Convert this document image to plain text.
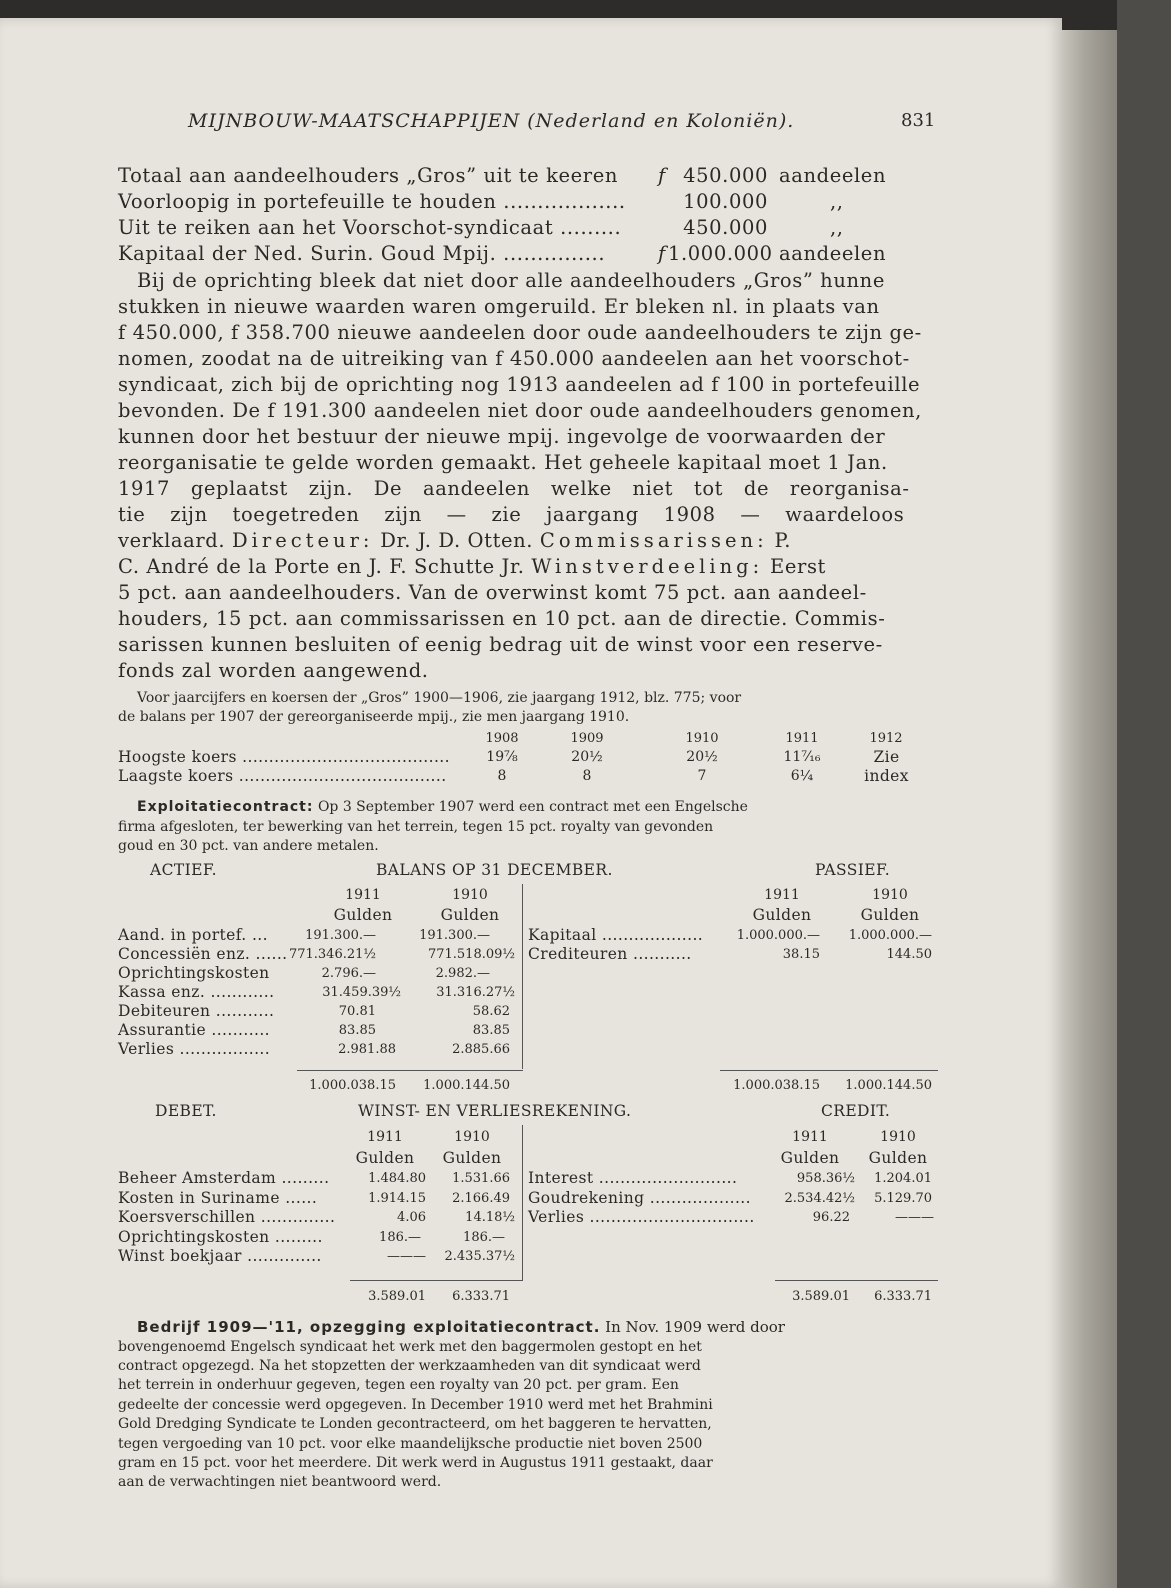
MIJNBOUW-MAATSCHAPPIJEN (Nederland en Koloniën).	831
Totaal aan aandeelhouders „Gros” uit te keeren f 450.000 aandeelen
Voorloopig in portefeuille te houden ..................	100.000	,,
Uit te reiken aan het Voorschot-syndicaat .........	450.000	,,
Kapitaal der Ned. Surin. Goud Mpij. ...............	f 1.000.000 aandeelen
Bij de oprichting bleek dat niet door alle aandeelhouders „Gros” hunne
stukken in nieuwe waarden waren omgeruild. Er bleken nl. in plaats van
f 450.000, f 358.700 nieuwe aandeelen door oude aandeelhouders te zijn ge-
nomen, zoodat na de uitreiking van f 450.000 aandeelen aan het voorschot-
syndicaat, zich bij de oprichting nog 1913 aandeelen ad f 100 in portefeuille
bevonden. De f 191.300 aandeelen niet door oude aandeelhouders genomen,
kunnen door het bestuur der nieuwe mpij. ingevolge de voorwaarden der
reorganisatie te gelde worden gemaakt. Het geheele kapitaal moet 1 Jan.
1917 geplaatst zijn. De aandeelen welke niet tot de reorganisa-
tie zijn toegetreden zijn — zie jaargang 1908 — waardeloos
verklaard. Directeur: Dr. J. D. Otten. Commissarissen: P.
C. André de la Porte en J. F. Schutte Jr. Winstverdeeling: Eerst
5 pct. aan aandeelhouders. Van de overwinst komt 75 pct. aan aandeel-
houders, 15 pct. aan commissarissen en 10 pct. aan de directie. Commis-
sarissen kunnen besluiten of eenig bedrag uit de winst voor een reserve-
fonds zal worden aangewend.
Voor jaarcijfers en koersen der „Gros” 1900—1906, zie jaargang 1912, blz. 775; voor
de balans per 1907 der gereorganiseerde mpij., zie men jaargang 1910.
1908	1909	1910	1911	1912
Hoogste koers .......................................	19⅞	20½	20½	11⁷⁄₁₆	Zie
Laagste koers .......................................	8	8	7	6¼	index
Exploitatiecontract: Op 3 September 1907 werd een contract met een Engelsche
firma afgesloten, ter bewerking van het terrein, tegen 15 pct. royalty van gevonden
goud en 30 pct. van andere metalen.
ACTIEF.	BALANS OP 31 DECEMBER.	PASSIEF.
1911	1910
Gulden	Gulden
1911	1910
Gulden	Gulden
Aand. in portef. ...	191.300.—	191.300.—
Concessiën enz. ...... 771.346.21½	771.518.09½
Oprichtingskosten	2.796.—	2.982.—
Kassa enz. ............	31.459.39½	31.316.27½
Debiteuren ...........	70.81	58.62
Assurantie ...........	83.85	83.85
Verlies .................	2.981.88	2.885.66
Kapitaal ...................	1.000.000.—	1.000.000.—
Crediteuren ...........	38.15	144.50
1.000.038.15	1.000.144.50	1.000.038.15	1.000.144.50
DEBET.	WINST- EN VERLIESREKENING.	CREDIT.
1911	1910
Gulden	Gulden
1911	1910
Gulden	Gulden
Beheer Amsterdam .........	1.484.80	1.531.66
Kosten in Suriname ......	1.914.15	2.166.49
Koersverschillen ..............	4.06	14.18½
Oprichtingskosten .........	186.—	186.—
Winst boekjaar ..............	———	2.435.37½
Interest ..........................	958.36½	1.204.01
Goudrekening ...................	2.534.42½	5.129.70
Verlies ...............................	96.22	———
3.589.01	6.333.71	3.589.01	6.333.71
Bedrijf 1909—'11, opzegging exploitatiecontract. In Nov. 1909 werd door
bovengenoemd Engelsch syndicaat het werk met den baggermolen gestopt en het
contract opgezegd. Na het stopzetten der werkzaamheden van dit syndicaat werd
het terrein in onderhuur gegeven, tegen een royalty van 20 pct. per gram. Een
gedeelte der concessie werd opgegeven. In December 1910 werd met het Brahmini
Gold Dredging Syndicate te Londen gecontracteerd, om het baggeren te hervatten,
tegen vergoeding van 10 pct. voor elke maandelijksche productie niet boven 2500
gram en 15 pct. voor het meerdere. Dit werk werd in Augustus 1911 gestaakt, daar
aan de verwachtingen niet beantwoord werd.
